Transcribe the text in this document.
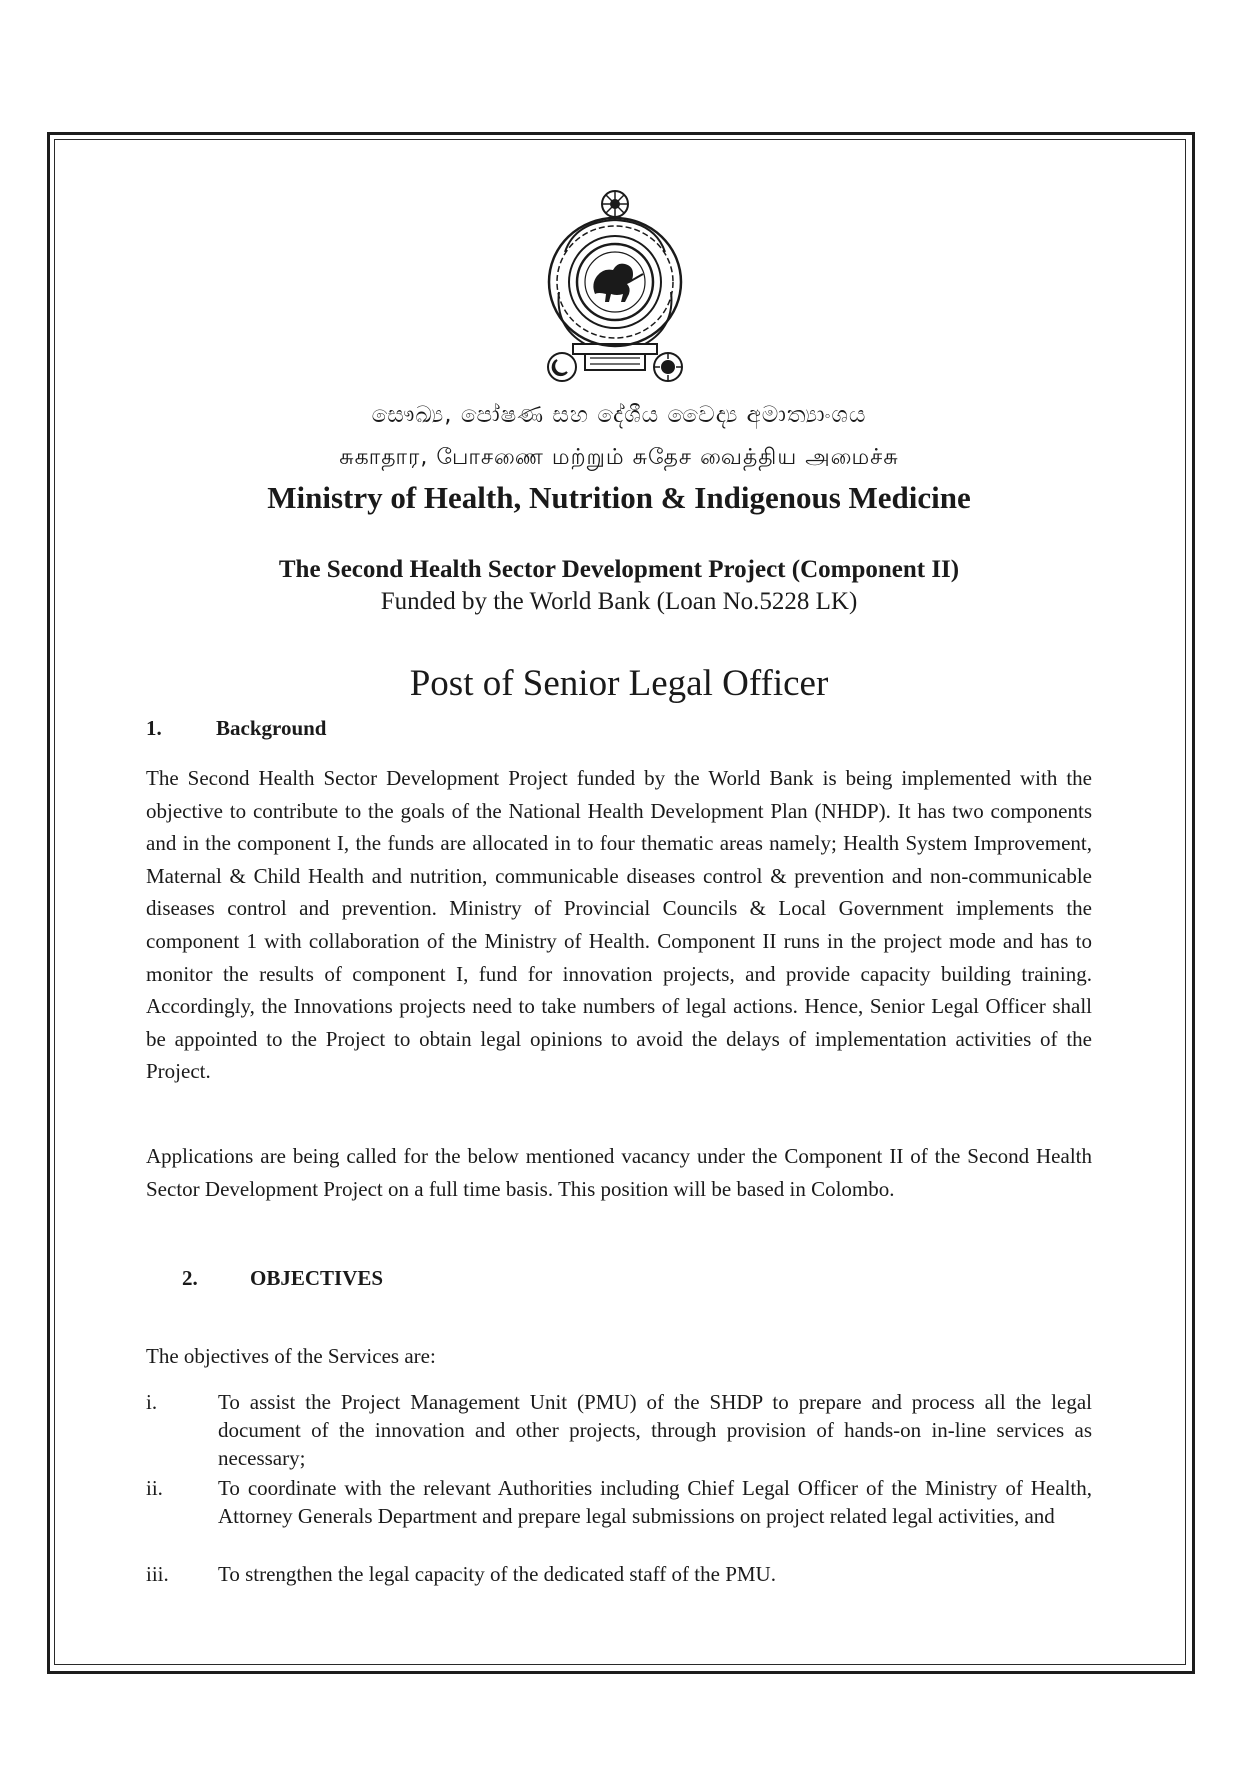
සෞඛ්‍ය, පෝෂණ සහ දේශීය වෛද්‍ය අමාත්‍යාංශය
சுகாதார, போசணை மற்றும் சுதேச வைத்திய அமைச்சு
Ministry of Health, Nutrition & Indigenous Medicine
The Second Health Sector Development Project (Component II)
Funded by the World Bank (Loan No.5228 LK)
Post of Senior Legal Officer
1.	Background

The Second Health Sector Development Project funded by the World Bank is being implemented with the objective to contribute to the goals of the National Health Development Plan (NHDP). It has two components and in the component I, the funds are allocated in to four thematic areas namely; Health System Improvement, Maternal & Child Health and nutrition, communicable diseases control & prevention and non-communicable diseases control and prevention. Ministry of Provincial Councils & Local Government implements the component 1 with collaboration of the Ministry of Health. Component II runs in the project mode and has to monitor the results of component I, fund for innovation projects, and provide capacity building training. Accordingly, the Innovations projects need to take numbers of legal actions. Hence, Senior Legal Officer shall be appointed to the Project to obtain legal opinions to avoid the delays of implementation activities of the Project.

Applications are being called for the below mentioned vacancy under the Component II of the Second Health Sector Development Project on a full time basis. This position will be based in Colombo.

2. OBJECTIVES
The objectives of the Services are:
i.	To assist the Project Management Unit (PMU) of the SHDP to prepare and process all the legal document of the innovation and other projects, through provision of hands-on in-line services as necessary;
ii.	To coordinate with the relevant Authorities including Chief Legal Officer of the Ministry of Health, Attorney Generals Department and prepare legal submissions on project related legal activities, and
iii. To strengthen the legal capacity of the dedicated staff of the PMU.
